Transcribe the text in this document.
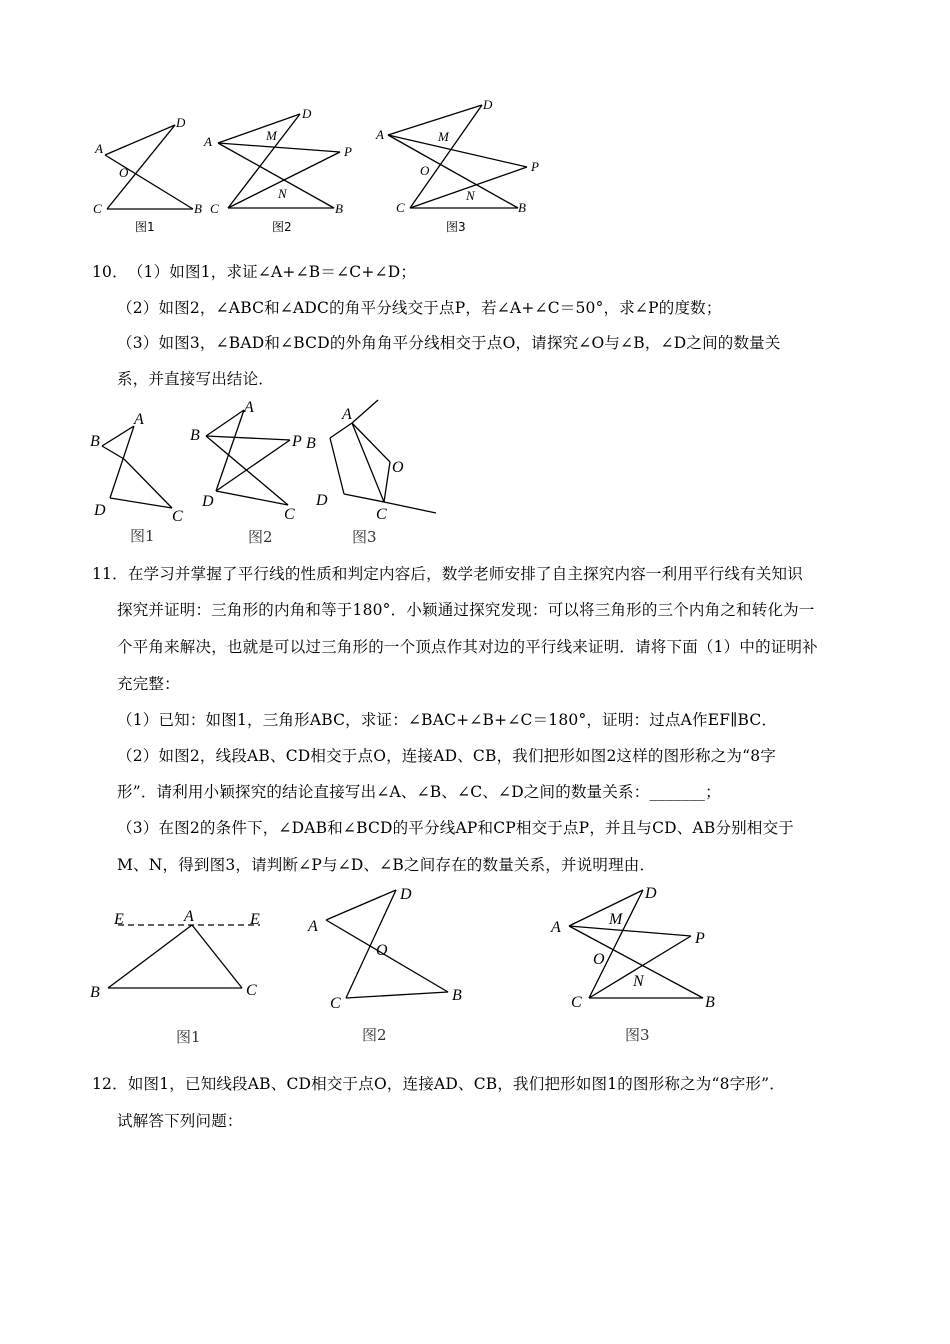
A
D
O
C	B
图1
A
D
M
P
N
C	B
图2
A
D
M
P
O
N
C	B
图3
10．（1）如图1，求证∠A+∠B＝∠C+∠D；
（2）如图2，∠ABC和∠ADC的角平分线交于点P，若∠A+∠C＝50°，求∠P的度数；
（3）如图3，∠BAD和∠BCD的外角角平分线相交于点O，请探究∠O与∠B，∠D之间的数量关
系，并直接写出结论．
B
A
D	C
图1
B
A
P
D
C
图2
B
A
O
D
C
图3
11．在学习并掌握了平行线的性质和判定内容后，数学老师安排了自主探究内容一利用平行线有关知识
探究并证明：三角形的内角和等于180°．小颖通过探究发现：可以将三角形的三个内角之和转化为一
个平角来解决，也就是可以过三角形的一个顶点作其对边的平行线来证明．请将下面（1）中的证明补
充完整：
（1）已知：如图1，三角形ABC，求证：∠BAC+∠B+∠C＝180°，证明：过点A作EF∥BC．
（2）如图2，线段AB、CD相交于点O，连接AD、CB，我们把形如图2这样的图形称之为“8字
形”．请利用小颖探究的结论直接写出∠A、∠B、∠C、∠D之间的数量关系：_______；
（3）在图2的条件下，∠DAB和∠BCD的平分线AP和CP相交于点P，并且与CD、AB分别相交于
M、N，得到图3，请判断∠P与∠D、∠B之间存在的数量关系，并说明理由．
E	A	E
B	C
图1
A
D
O
C	B
图2
A
D
M
P
O
N
C	B
图3
12．如图1，已知线段AB、CD相交于点O，连接AD、CB，我们把形如图1的图形称之为“8字形”．
试解答下列问题：
